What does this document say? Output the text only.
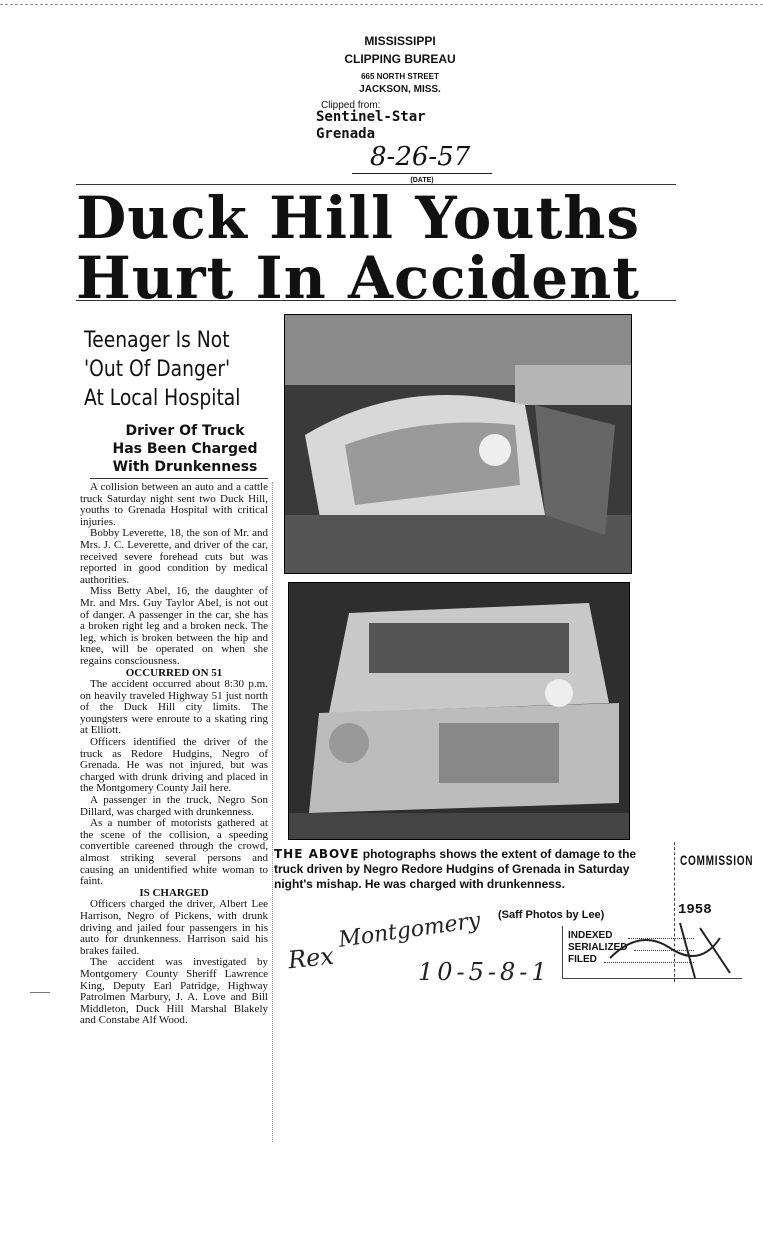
MISSISSIPPI
CLIPPING BUREAU
665 NORTH STREET
JACKSON, MISS.
Clipped from:
Sentinel-Star
Grenada
8-26-57
(DATE)
Duck Hill Youths
Hurt In Accident
Teenager Is Not
'Out Of Danger'
At Local Hospital
Driver Of Truck
Has Been Charged
With Drunkenness

A collision between an auto and a cattle truck Saturday night sent two Duck Hill, youths to Grenada Hospital with critical injuries.

Bobby Leverette, 18, the son of Mr. and Mrs. J. C. Leverette, and driver of the car, received severe forehead cuts but was reported in good condition by medical authorities.

Miss Betty Abel, 16, the daughter of Mr. and Mrs. Guy Taylor Abel, is not out of danger. A passenger in the car, she has a broken right leg and a broken neck. The leg, which is broken between the hip and knee, will be operated on when she regains consciousness.

OCCURRED ON 51

The accident occurred about 8:30 p.m. on heavily traveled Highway 51 just north of the Duck Hill city limits. The youngsters were enroute to a skating ring at Elliott.

Officers identified the driver of the truck as Redore Hudgins, Negro of Grenada. He was not injured, but was charged with drunk driving and placed in the Montgomery County Jail here.

A passenger in the truck, Negro Son Dillard, was charged with drunkenness.

As a number of motorists gathered at the scene of the collision, a speeding convertible careened through the crowd, almost striking several persons and causing an unidentified white woman to faint.

IS CHARGED

Officers charged the driver, Albert Lee Harrison, Negro of Pickens, with drunk driving and jailed four passengers in his auto for drunkenness. Harrison said his brakes failed.

The accident was investigated by Montgomery County Sheriff Lawrence King, Deputy Earl Patridge, Highway Patrolmen Marbury, J. A. Love and Bill Middleton, Duck Hill Marshal Blakely and Constabe Alf Wood.

THE ABOVE photographs shows the extent of damage to the truck driven by Negro Redore Hudgins of Grenada in Saturday night's mishap. He was charged with drunkenness.
(Saff Photos by Lee)
Montgomery
Rex	10-5-8-1
COMMISSION
1958
INDEXED
SERIALIZED
FILED
